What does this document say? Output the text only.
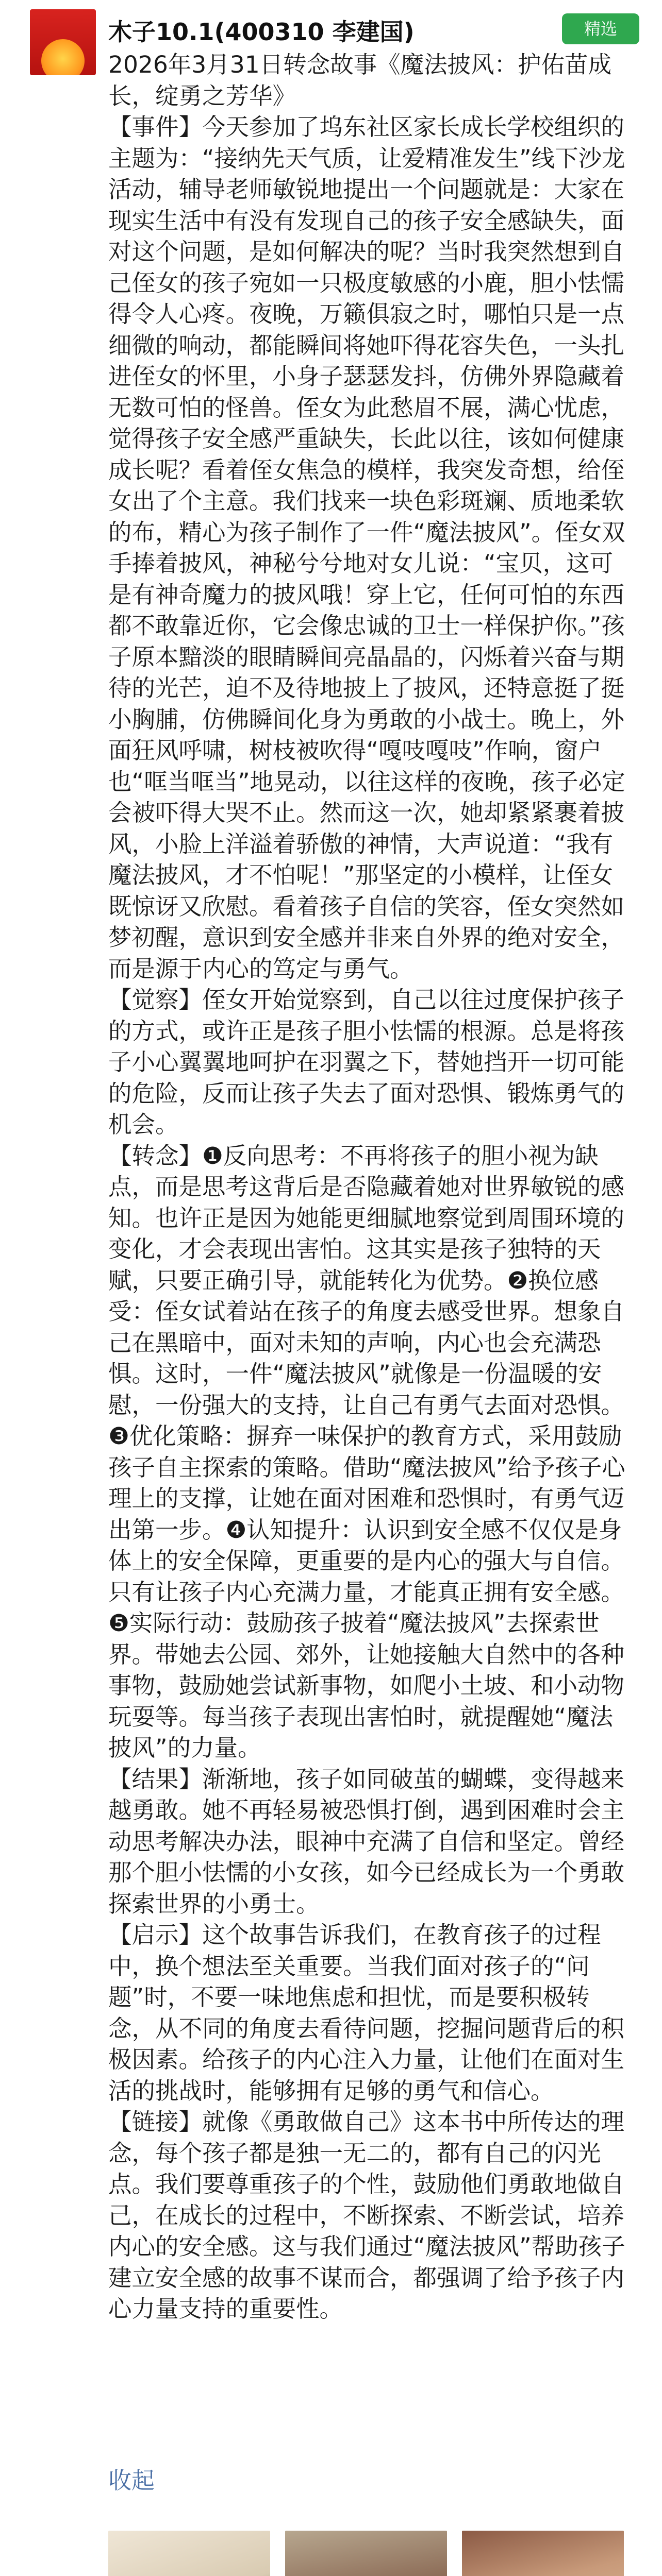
木子10.1(400310 李建国)	精选

2026年3月31日转念故事《魔法披风：护佑苗成长，绽勇之芳华》

【事件】今天参加了坞东社区家长成长学校组织的主题为：“接纳先天气质，让爱精准发生”线下沙龙活动，辅导老师敏锐地提出一个问题就是：大家在现实生活中有没有发现自己的孩子安全感缺失，面对这个问题，是如何解决的呢？当时我突然想到自己侄女的孩子宛如一只极度敏感的小鹿，胆小怯懦得令人心疼。夜晚，万籁俱寂之时，哪怕只是一点细微的响动，都能瞬间将她吓得花容失色，一头扎进侄女的怀里，小身子瑟瑟发抖，仿佛外界隐藏着无数可怕的怪兽。侄女为此愁眉不展，满心忧虑，觉得孩子安全感严重缺失，长此以往，该如何健康成长呢？看着侄女焦急的模样，我突发奇想，给侄女出了个主意。我们找来一块色彩斑斓、质地柔软的布，精心为孩子制作了一件“魔法披风”。侄女双手捧着披风，神秘兮兮地对女儿说：“宝贝，这可是有神奇魔力的披风哦！穿上它，任何可怕的东西都不敢靠近你，它会像忠诚的卫士一样保护你。”孩子原本黯淡的眼睛瞬间亮晶晶的，闪烁着兴奋与期待的光芒，迫不及待地披上了披风，还特意挺了挺小胸脯，仿佛瞬间化身为勇敢的小战士。晚上，外面狂风呼啸，树枝被吹得“嘎吱嘎吱”作响，窗户也“哐当哐当”地晃动，以往这样的夜晚，孩子必定会被吓得大哭不止。然而这一次，她却紧紧裹着披风，小脸上洋溢着骄傲的神情，大声说道：“我有魔法披风，才不怕呢！”那坚定的小模样，让侄女既惊讶又欣慰。看着孩子自信的笑容，侄女突然如梦初醒，意识到安全感并非来自外界的绝对安全，而是源于内心的笃定与勇气。

【觉察】侄女开始觉察到，自己以往过度保护孩子的方式，或许正是孩子胆小怯懦的根源。总是将孩子小心翼翼地呵护在羽翼之下，替她挡开一切可能的危险，反而让孩子失去了面对恐惧、锻炼勇气的机会。

【转念】❶反向思考：不再将孩子的胆小视为缺点，而是思考这背后是否隐藏着她对世界敏锐的感知。也许正是因为她能更细腻地察觉到周围环境的变化，才会表现出害怕。这其实是孩子独特的天赋，只要正确引导，就能转化为优势。❷换位感受：侄女试着站在孩子的角度去感受世界。想象自己在黑暗中，面对未知的声响，内心也会充满恐惧。这时，一件“魔法披风”就像是一份温暖的安慰，一份强大的支持，让自己有勇气去面对恐惧。❸优化策略：摒弃一味保护的教育方式，采用鼓励孩子自主探索的策略。借助“魔法披风”给予孩子心理上的支撑，让她在面对困难和恐惧时，有勇气迈出第一步。❹认知提升：认识到安全感不仅仅是身体上的安全保障，更重要的是内心的强大与自信。只有让孩子内心充满力量，才能真正拥有安全感。❺实际行动：鼓励孩子披着“魔法披风”去探索世界。带她去公园、郊外，让她接触大自然中的各种事物，鼓励她尝试新事物，如爬小土坡、和小动物玩耍等。每当孩子表现出害怕时，就提醒她“魔法披风”的力量。

【结果】渐渐地，孩子如同破茧的蝴蝶，变得越来越勇敢。她不再轻易被恐惧打倒，遇到困难时会主动思考解决办法，眼神中充满了自信和坚定。曾经那个胆小怯懦的小女孩，如今已经成长为一个勇敢探索世界的小勇士。

【启示】这个故事告诉我们，在教育孩子的过程中，换个想法至关重要。当我们面对孩子的“问题”时，不要一味地焦虑和担忧，而是要积极转念，从不同的角度去看待问题，挖掘问题背后的积极因素。给孩子的内心注入力量，让他们在面对生活的挑战时，能够拥有足够的勇气和信心。

【链接】就像《勇敢做自己》这本书中所传达的理念，每个孩子都是独一无二的，都有自己的闪光点。我们要尊重孩子的个性，鼓励他们勇敢地做自己，在成长的过程中，不断探索、不断尝试，培养内心的安全感。这与我们通过“魔法披风”帮助孩子建立安全感的故事不谋而合，都强调了给予孩子内心力量支持的重要性。

收起
